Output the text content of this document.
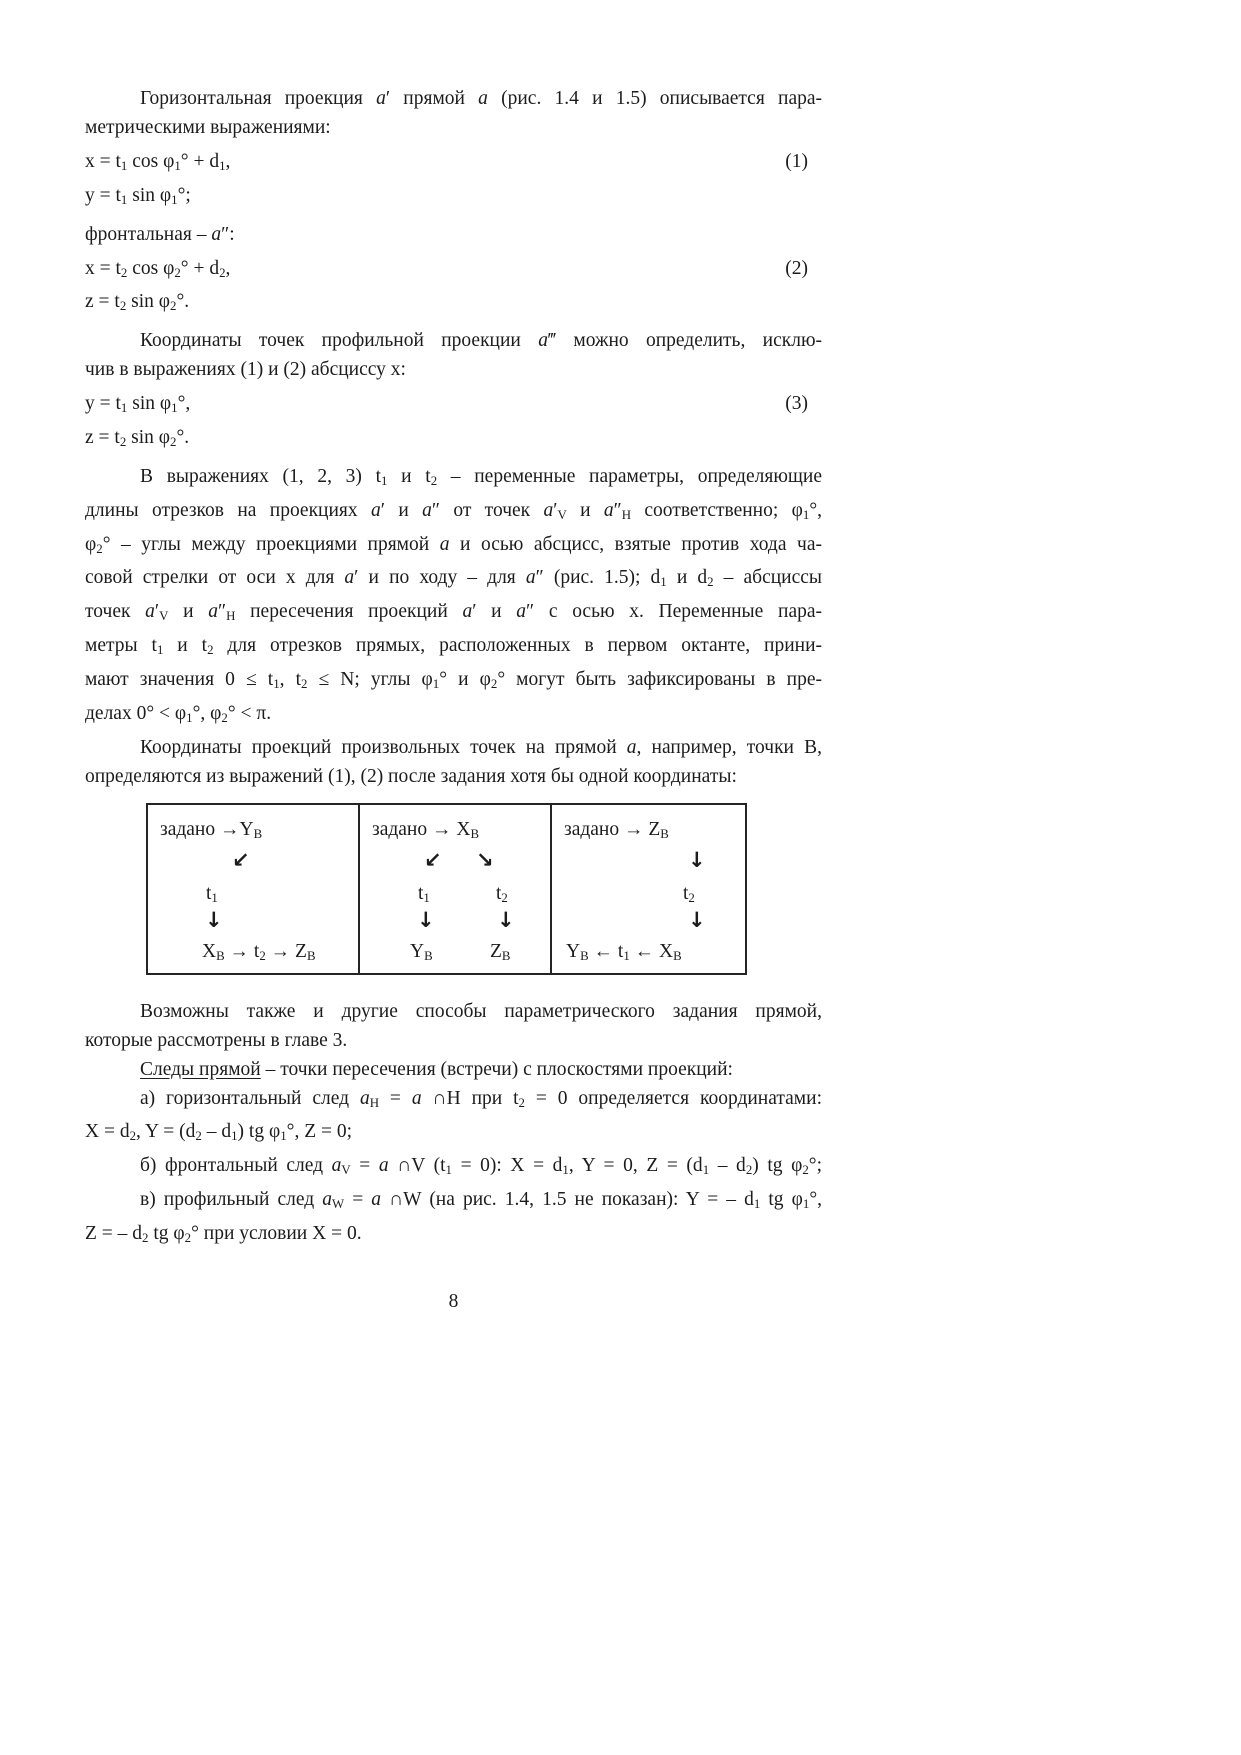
Горизонтальная проекция a′ прямой a (рис. 1.4 и 1.5) описывается пара-
метрическими выражениями:
$x = t_1$ $\cos \varphi_1^\circ + d_1$,
$y = t_1$ $\sin \varphi_1^\circ$;
(1)
фронтальная – a″:
$x = t_2$ $\cos \varphi_2^\circ + d_2$,
$z = t_2$ $\sin \varphi_2^\circ$.
(2)
Координаты точек профильной проекции a‴ можно определить, исклю-
чив в выражениях (1) и (2) абсциссу x:
$y = t_1$ $\sin \varphi_1^\circ$,
$z = t_2$ $\sin \varphi_2^\circ$.
(3)
В выражениях (1, 2, 3) $t_1$ и $t_2$ – переменные параметры, определяющие
длины отрезков на проекциях a′ и a″ от точек $a'_V$ и $a''_H$ соответственно; $\varphi_1^\circ$,
$\varphi_2^\circ$ – углы между проекциями прямой a и осью абсцисс, взятые против хода ча-
совой стрелки от оси x для a′ и по ходу – для a″ (рис. 1.5); $d_1$ и $d_2$ – абсциссы
точек $a'_V$ и $a''_H$ пересечения проекций a′ и a″ с осью x. Переменные пара-
метры $t_1$ и $t_2$ для отрезков прямых, расположенных в первом октанте, прини-
мают значения $0 \le t_1$, $t_2 \le N$; углы $\varphi_1^\circ$ и $\varphi_2^\circ$ могут быть зафиксированы в пре-
делах $0^\circ < \varphi_1^\circ$, $\varphi_2^\circ < \pi$.
Координаты проекций произвольных точек на прямой a, например, точки В,
определяются из выражений (1), (2) после задания хотя бы одной координаты:
задано $\to Y_B$
↙
$t_1$
↓
$X_B \to t_2 \to Z_B$
задано → $X_B$
↙ ↘
$t_1$	$t_2$
↓	↓
$Y_B$	$Z_B$
задано → $Z_B$
↓
$t_2$
↓
$Y_B$ ← $t_1$ ← $X_B$
Возможны также и другие способы параметрического задания прямой,
которые рассмотрены в главе 3.
Следы прямой – точки пересечения (встречи) с плоскостями проекций:
а) горизонтальный след $a_H = a$ ∩H при $t_2 = 0$ определяется координатами:
$X = d_2$, $Y = (d_2 - d_1)$ tg $\varphi_1^\circ$, Z = 0;
б) фронтальный след $a_V = a$ ∩V $(t_1 = 0)$: $X = d_1$, Y = 0, $Z = (d_1 - d_2)$ tg $\varphi_2^\circ$;
в) профильный след $a_W = a$ ∩W (на рис. 1.4, 1.5 не показан): Y = – $d_1$ tg $\varphi_1^\circ$,
Z = – $d_2$ tg $\varphi_2^\circ$ при условии X = 0.
8
